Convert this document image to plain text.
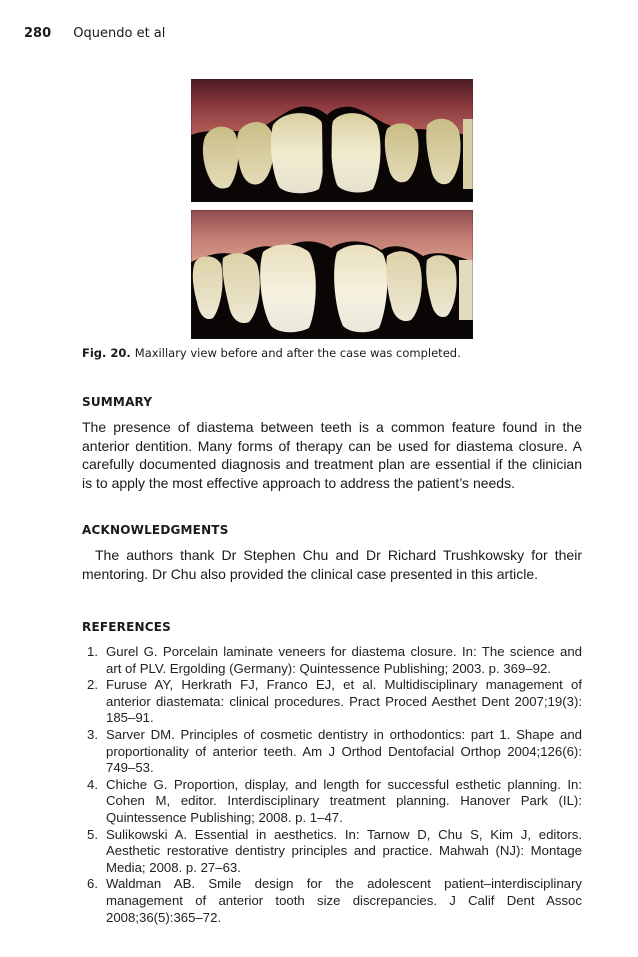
280 Oquendo et al
Fig. 20. Maxillary view before and after the case was completed.
SUMMARY
The presence of diastema between teeth is a common feature found in the anterior dentition. Many forms of therapy can be used for diastema closure. A carefully documented diagnosis and treatment plan are essential if the clinician is to apply the most effective approach to address the patient’s needs.
ACKNOWLEDGMENTS
The authors thank Dr Stephen Chu and Dr Richard Trushkowsky for their mentoring. Dr Chu also provided the clinical case presented in this article.
REFERENCES
1. Gurel G. Porcelain laminate veneers for diastema closure. In: The science and art of PLV. Ergolding (Germany): Quintessence Publishing; 2003. p. 369–92.
2. Furuse AY, Herkrath FJ, Franco EJ, et al. Multidisciplinary management of anterior diastemata: clinical procedures. Pract Proced Aesthet Dent 2007;19(3): 185–91.
3. Sarver DM. Principles of cosmetic dentistry in orthodontics: part 1. Shape and proportionality of anterior teeth. Am J Orthod Dentofacial Orthop 2004;126(6): 749–53.
4. Chiche G. Proportion, display, and length for successful esthetic planning. In: Cohen M, editor. Interdisciplinary treatment planning. Hanover Park (IL): Quintessence Publishing; 2008. p. 1–47.
5. Sulikowski A. Essential in aesthetics. In: Tarnow D, Chu S, Kim J, editors. Aesthetic restorative dentistry principles and practice. Mahwah (NJ): Montage Media; 2008. p. 27–63.
6. Waldman AB. Smile design for the adolescent patient–interdisciplinary management of anterior tooth size discrepancies. J Calif Dent Assoc 2008;36(5):365–72.
